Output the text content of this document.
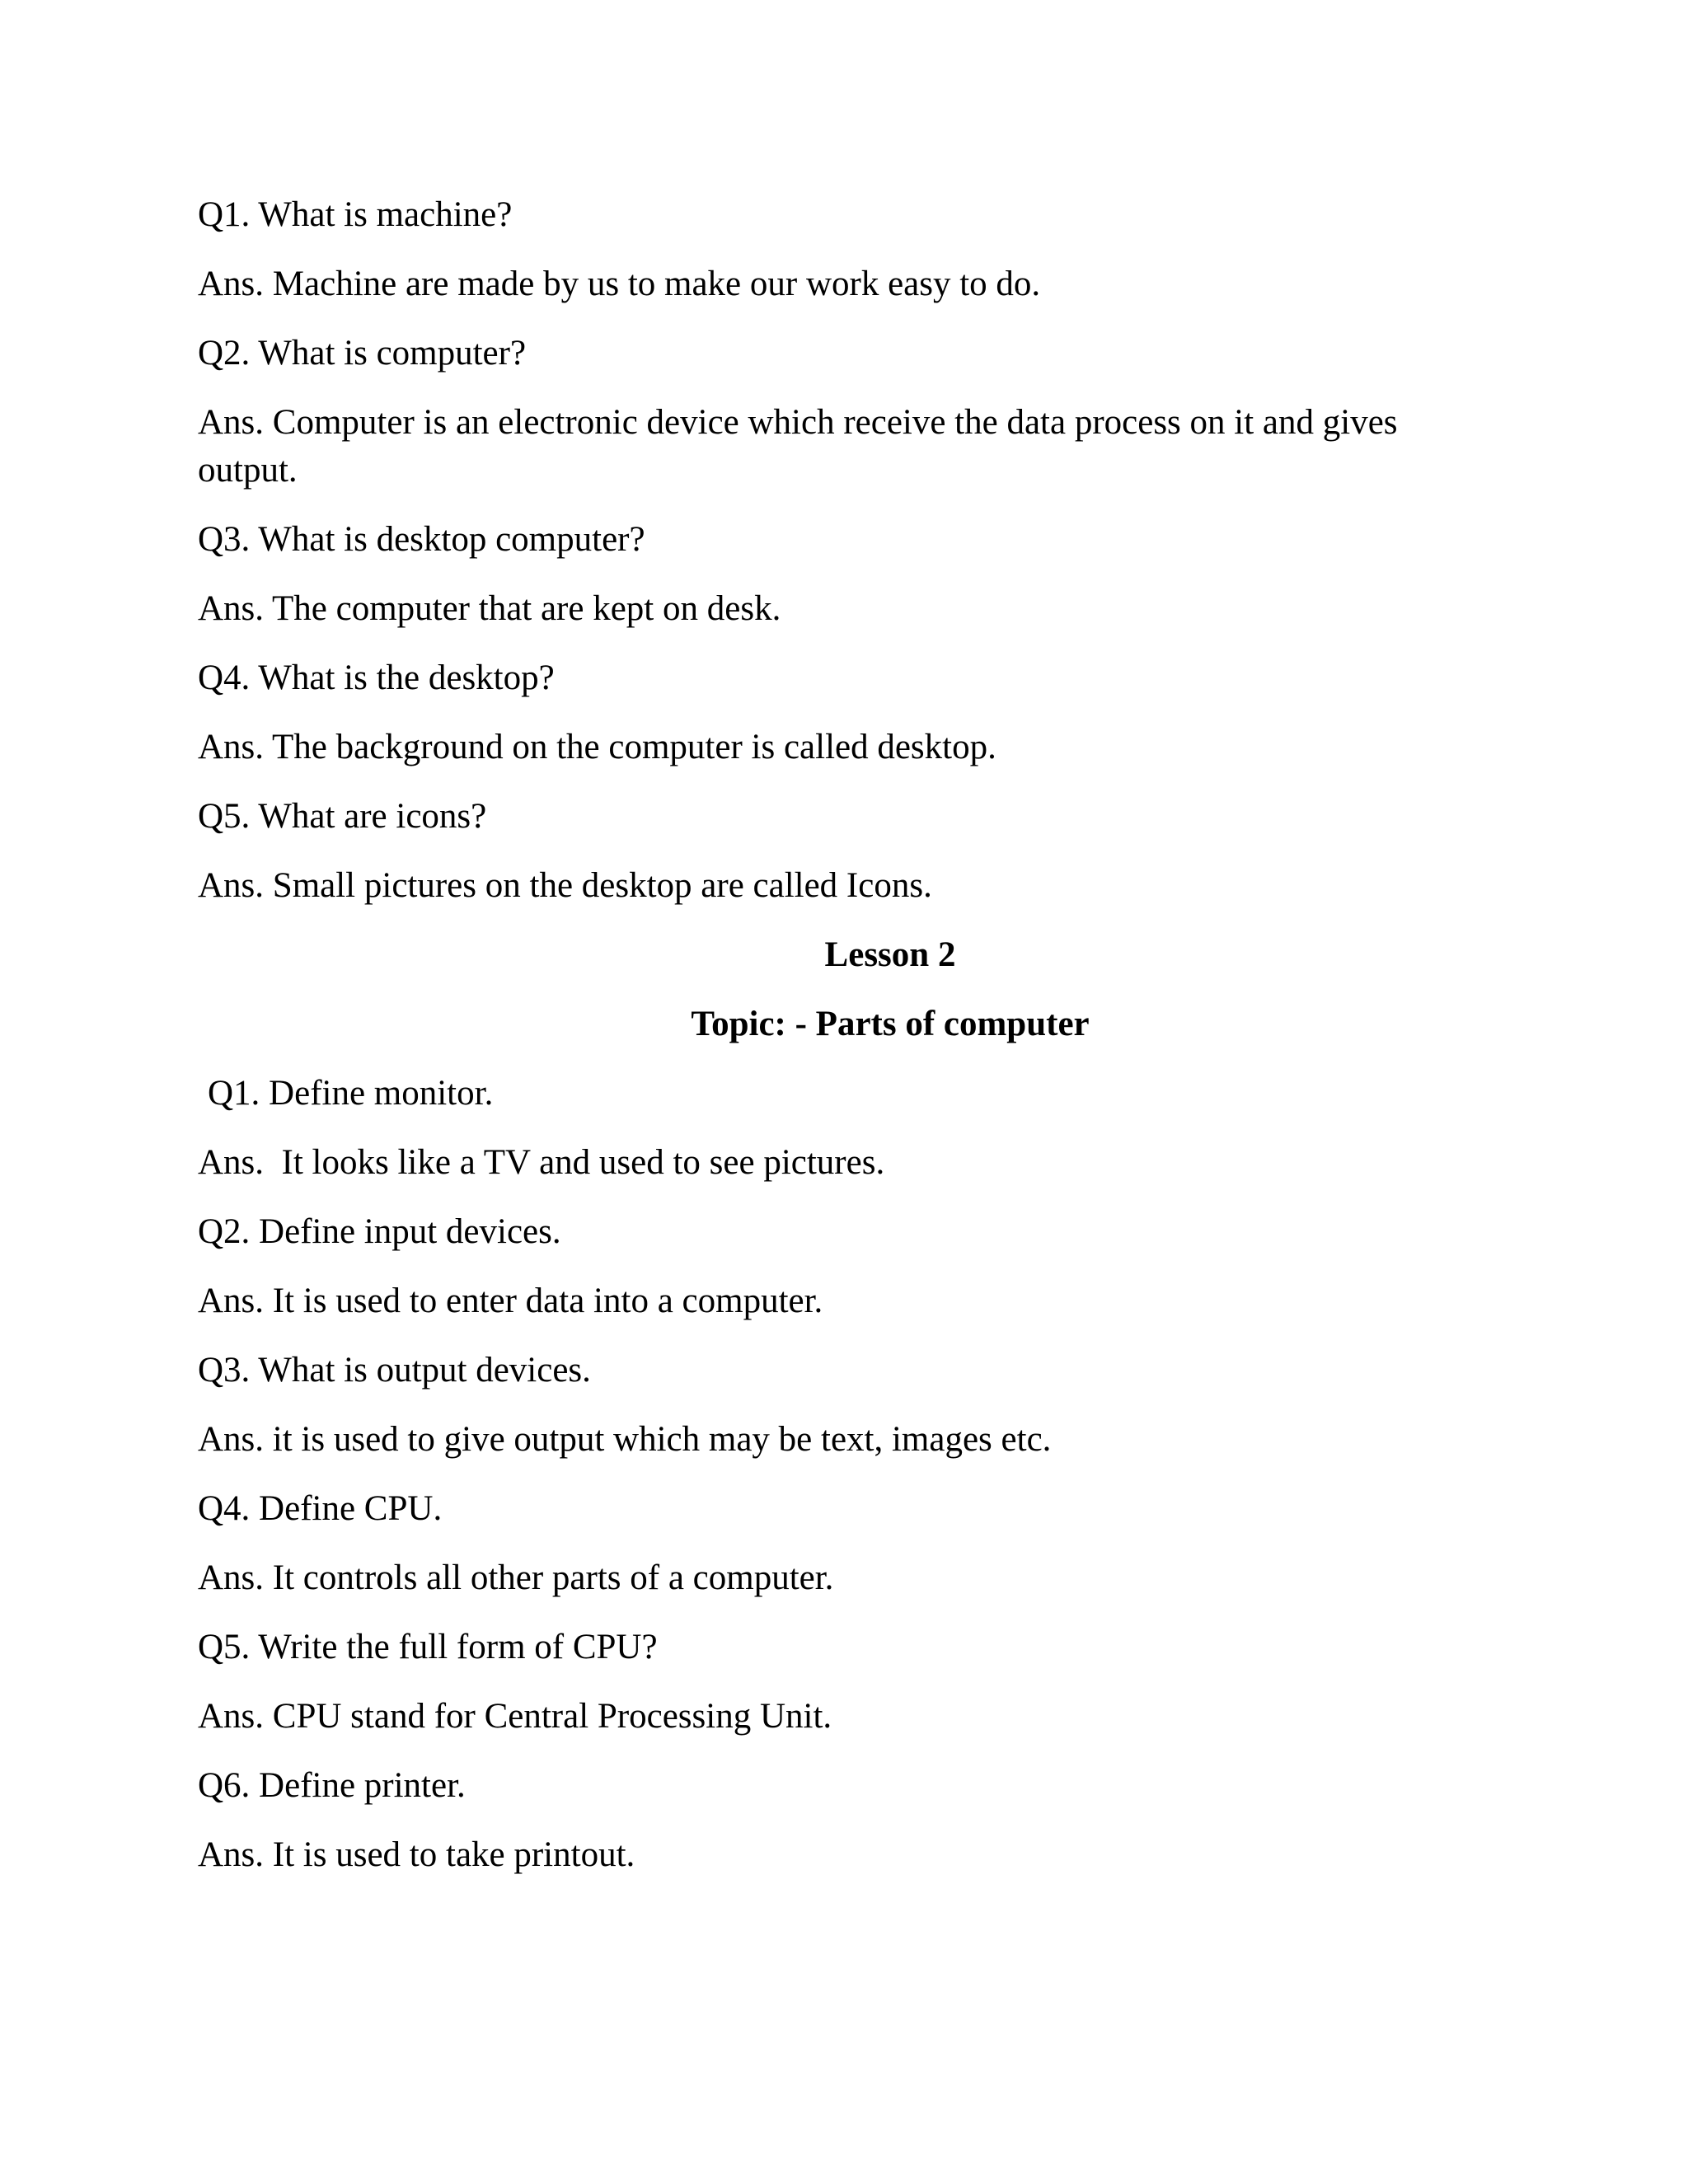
Q1. What is machine?

Ans. Machine are made by us to make our work easy to do.

Q2. What is computer?

Ans. Computer is an electronic device which receive the data process on it and gives output.

Q3. What is desktop computer?

Ans. The computer that are kept on desk.

Q4. What is the desktop?

Ans. The background on the computer is called desktop.

Q5. What are icons?

Ans. Small pictures on the desktop are called Icons.

Lesson 2

Topic: - Parts of computer

Q1. Define monitor.

Ans.  It looks like a TV and used to see pictures.

Q2. Define input devices.

Ans. It is used to enter data into a computer.

Q3. What is output devices.

Ans. it is used to give output which may be text, images etc.

Q4. Define CPU.

Ans. It controls all other parts of a computer.

Q5. Write the full form of CPU?

Ans. CPU stand for Central Processing Unit.

Q6. Define printer.

Ans. It is used to take printout.
